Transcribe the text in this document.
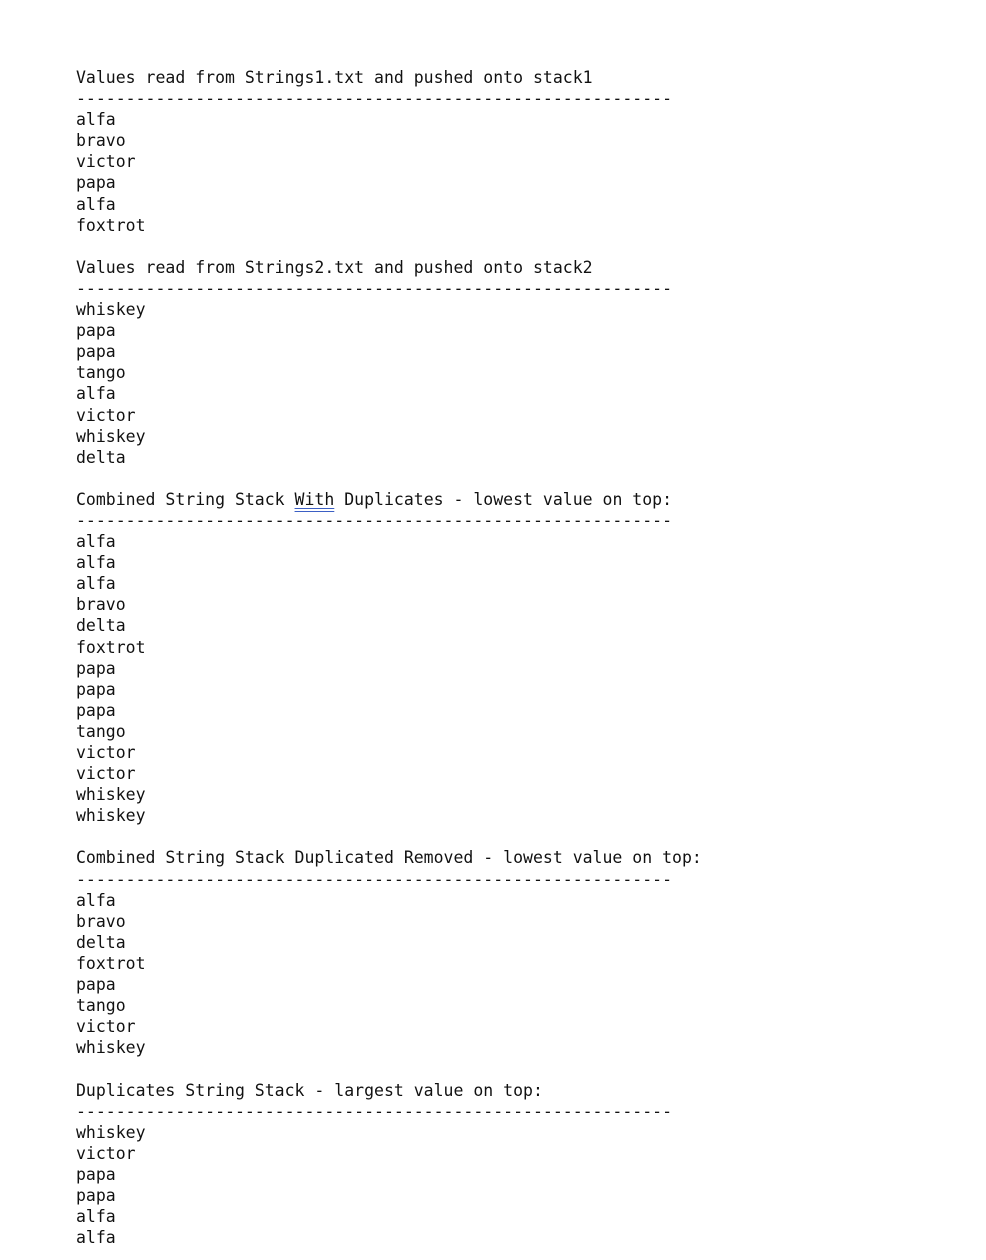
Values read from Strings1.txt and pushed onto stack1
------------------------------------------------------------
alfa
bravo
victor
papa
alfa
foxtrot
Values read from Strings2.txt and pushed onto stack2
------------------------------------------------------------
whiskey
papa
papa
tango
alfa
victor
whiskey
delta
Combined String Stack With Duplicates - lowest value on top:
------------------------------------------------------------
alfa
alfa
alfa
bravo
delta
foxtrot
papa
papa
papa
tango
victor
victor
whiskey
whiskey
Combined String Stack Duplicated Removed - lowest value on top:
------------------------------------------------------------
alfa
bravo
delta
foxtrot
papa
tango
victor
whiskey
Duplicates String Stack - largest value on top:
------------------------------------------------------------
whiskey
victor
papa
papa
alfa
alfa
